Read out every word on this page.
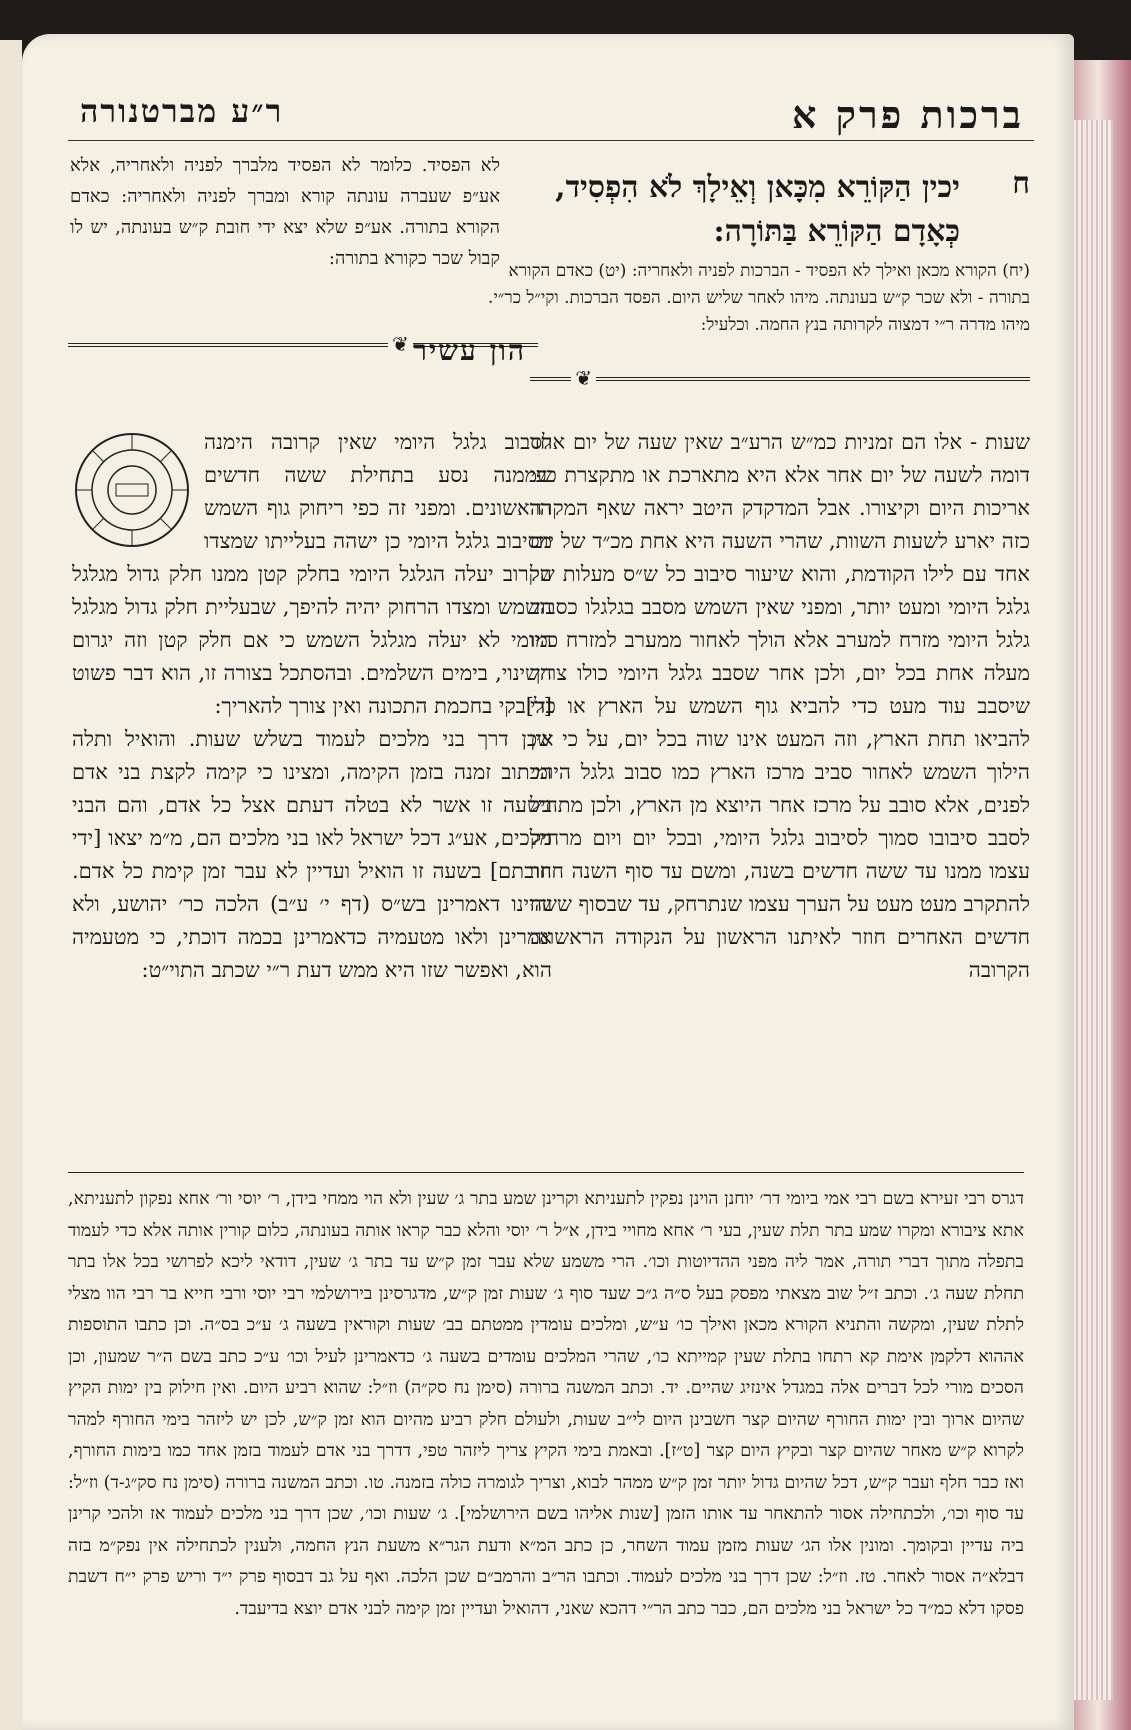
ברכות פרק א
ר״ע מברטנורה
ח
יכין הַקּוֹרֵא מִכָּאן וְאֵילָךְ לֹא הִפְסִיד, כְּאָדָם הַקּוֹרֵא בַּתּוֹרָה:
(יח) הקורא מכאן ואילך לא הפסיד - הברכות לפניה ולאחריה: (יט) כאדם הקורא בתורה - ולא שכר ק״ש בעונתה. מיהו לאחר שליש היום. הפסד הברכות. וקי״ל כר״י. מיהו מדרה ר״י דמצוה לקרותה בנץ החמה. וכלעיל:
לא הפסיד. כלומר לא הפסיד מלברך לפניה ולאחריה, אלא אע״פ שעברה עונתה קורא ומברך לפניה ולאחריה: כאדם הקורא בתורה. אע״פ שלא יצא ידי חובת ק״ש בעונתה, יש לו קבול שכר כקורא בתורה:
❦ הון עשיר
❦

שעות - אלו הם זמניות כמ״ש הרע״ב שאין שעה של יום אחד דומה לשעה של יום אחר אלא היא מתארכת או מתקצרת כפי אריכות היום וקיצורו. אבל המדקדק היטב יראה שאף המקרה כזה יארע לשעות השוות, שהרי השעה היא אחת מכ״ד של יום אחד עם לילו הקודמת, והוא שיעור סיבוב כל ש״ס מעלות של גלגל היומי ומעט יותר, ומפני שאין השמש מסבב בגלגלו כסבוב גלגל היומי מזרח למערב אלא הולך לאחור ממערב למזרח כמו מעלה אחת בכל יום, ולכן אחר שסבב גלגל היומי כולו צריך שיסבב עוד מעט כדי להביא גוף השמש על הארץ או כדי להביאו תחת הארץ, וזה המעט אינו שוה בכל יום, על כי אין הילוך השמש לאחור סביב מרכז הארץ כמו סבוב גלגל היומי לפנים, אלא סובב על מרכז אחר היוצא מן הארץ, ולכן מתחיל לסבב סיבובו סמוך לסיבוב גלגל היומי, ובכל יום ויום מרחיק עצמו ממנו עד ששה חדשים בשנה, ומשם עד סוף השנה חוזר להתקרב מעט מעט על הערך עצמו שנתרחק, עד שבסוף ששה חדשים האחרים חוזר לאיתנו הראשון על הנקודה הראשונה הקרובה

לסבוב גלגל היומי שאין קרובה הימנה שממנה נסע בתחילת ששה חדשים הראשונים. ומפני זה כפי ריחוק גוף השמש מסיבוב גלגל היומי כן ישהה בעלייתו שמצדו הקרוב יעלה הגלגל היומי בחלק קטן ממנו חלק גדול מגלגל השמש ומצדו הרחוק יהיה להיפך, שבעליית חלק גדול מגלגל היומי לא יעלה מגלגל השמש כי אם חלק קטן וזה יגרום השינוי, בימים השלמים. ובהסתכל בצורה זו, הוא דבר פשוט [ל]בקי בחכמת התכונה ואין צורך להאריך:

שכן דרך בני מלכים לעמוד בשלש שעות. והואיל ותלה הכתוב זמנה בזמן הקימה, ומצינו כי קימה לקצת בני אדם בשעה זו אשר לא בטלה דעתם אצל כל אדם, והם הבני מלכים, אע״ג דכל ישראל לאו בני מלכים הם, מ״מ יצאו [ידי חובתם] בשעה זו הואיל ועדיין לא עבר זמן קימת כל אדם. והיינו דאמרינן בש״ס (דף י׳ ע״ב) הלכה כר׳ יהושע, ולא אמרינן ולאו מטעמיה כדאמרינן בכמה דוכתי, כי מטעמיה הוא, ואפשר שזו היא ממש דעת ר״י שכתב התוי״ט:

דגרס רבי זעירא בשם רבי אמי ביומי דר׳ יוחנן הוינן נפקין לתעניתא וקרינן שמע בתר ג׳ שעין ולא הוי ממחי בידן, ר׳ יוסי ור׳ אחא נפקון לתעניתא, אתא ציבורא ומקרו שמע בתר תלת שעין, בעי ר׳ אחא מחויי בידן, א״ל ר׳ יוסי והלא כבר קראו אותה בעונתה, כלום קורין אותה אלא כדי לעמוד בתפלה מתוך דברי תורה, אמר ליה מפני ההדיוטות וכו׳. הרי משמע שלא עבר זמן ק״ש עד בתר ג׳ שעין, דודאי ליכא לפרושי בכל אלו בתר תחלת שעה ג׳. וכתב ז״ל שוב מצאתי מפסק בעל ס״ה ג״כ שעד סוף ג׳ שעות זמן ק״ש, מדגרסינן בירושלמי רבי יוסי ורבי חייא בר רבי הוו מצלי לתלת שעין, ומקשה והתניא הקורא מכאן ואילך כו׳ ע״ש, ומלכים עומדין ממטתם בב׳ שעות וקוראין בשעה ג׳ ע״כ בס״ה. וכן כתבו התוספות אההוא דלקמן אימת קא רתחו בתלת שעין קמייתא כו׳, שהרי המלכים עומדים בשעה ג׳ כדאמרינן לעיל וכו׳ ע״כ כתב בשם ה״ר שמעון, וכן הסכים מורי לכל דברים אלה במגדל אינזיג שהיים. יד. וכתב המשנה ברורה (סימן נח סק״ה) וז״ל: שהוא רביע היום. ואין חילוק בין ימות הקיץ שהיום ארוך ובין ימות החורף שהיום קצר חשבינן היום לי״ב שעות, ולעולם חלק רביע מהיום הוא זמן ק״ש, לכן יש ליזהר בימי החורף למהר לקרוא ק״ש מאחר שהיום קצר ובקיץ היום קצר [ט״ז]. ובאמת בימי הקיץ צריך ליזהר טפי, דדרך בני אדם לעמוד בזמן אחד כמו בימות החורף, ואז כבר חלף ועבר ק״ש, דכל שהיום גדול יותר זמן ק״ש ממהר לבוא, וצריך לגומרה כולה בזמנה. טו. וכתב המשנה ברורה (סימן נח סק״ג-ד) וז״ל: עד סוף וכו׳, ולכתחילה אסור להתאחר עד אותו הזמן [שנות אליהו בשם הירושלמי]. ג׳ שעות וכו׳, שכן דרך בני מלכים לעמוד אז ולהכי קרינן ביה עדיין ובקומך. ומונין אלו הג׳ שעות מזמן עמוד השחר, כן כתב המ״א ודעת הגר״א משעת הנץ החמה, ולענין לכתחילה אין נפק״מ בזה דבלא״ה אסור לאחר. טז. וז״ל: שכן דרך בני מלכים לעמוד. וכתבו הר״ב והרמב״ם שכן הלכה. ואף על גב דבסוף פרק י״ד וריש פרק י״ח דשבת פסקו דלא כמ״ד כל ישראל בני מלכים הם, כבר כתב הר״י דהכא שאני, דהואיל ועדיין זמן קימה לבני אדם יוצא בדיעבד.
